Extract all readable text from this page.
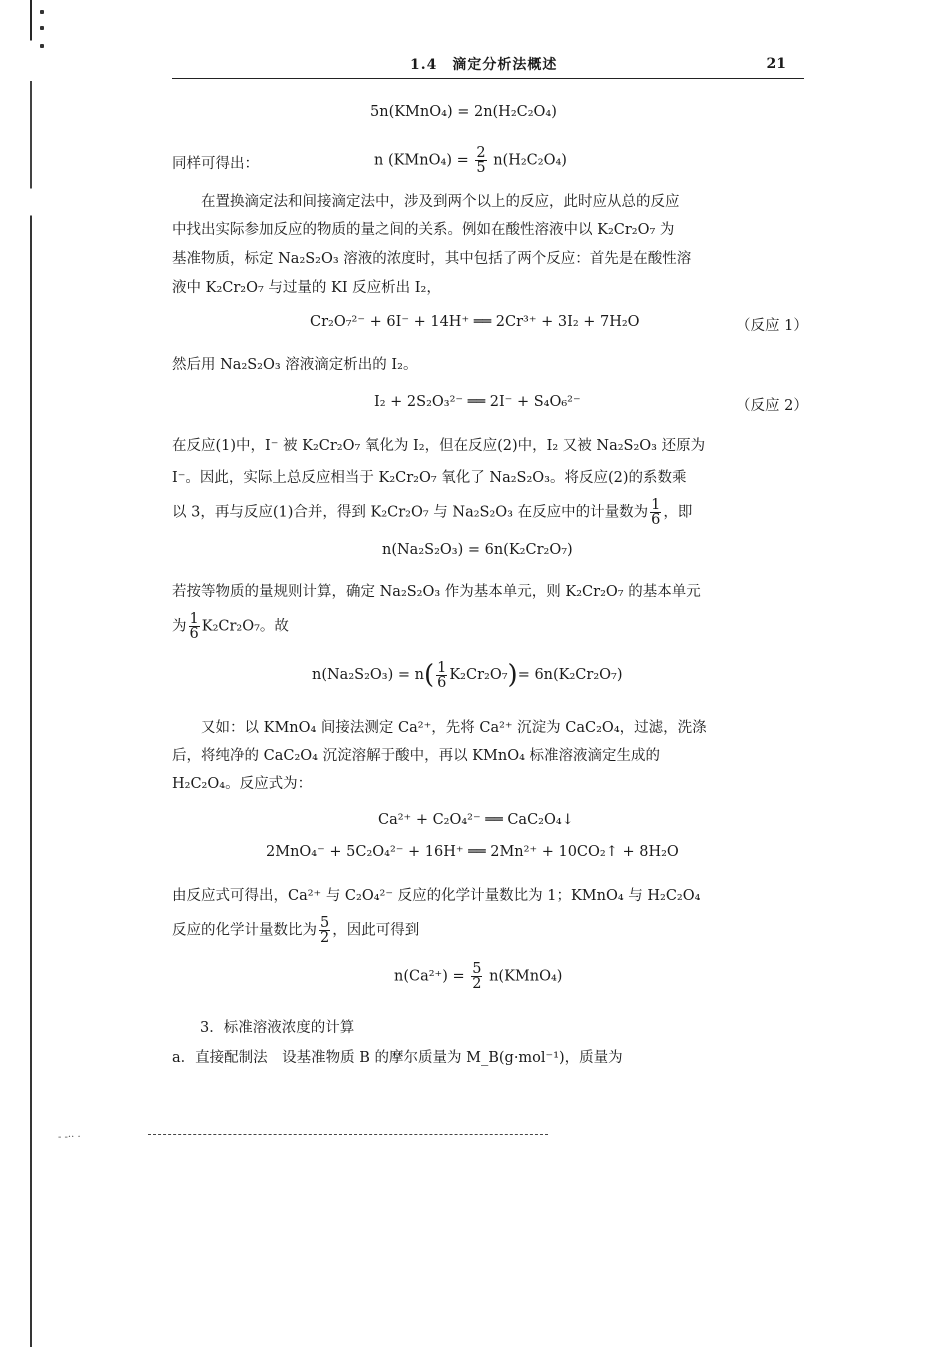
1.4　滴定分析法概述	21
5n(KMnO₄) = 2n(H₂C₂O₄)
同样可得出：	n (KMnO₄) = $\frac{2}{5} n(H_2C_2O_4)$
在置换滴定法和间接滴定法中，涉及到两个以上的反应，此时应从总的反应
中找出实际参加反应的物质的量之间的关系。例如在酸性溶液中以 K₂Cr₂O₇ 为
基准物质，标定 Na₂S₂O₃ 溶液的浓度时，其中包括了两个反应：首先是在酸性溶
液中 K₂Cr₂O₇ 与过量的 KI 反应析出 I₂，
Cr₂O₇²⁻ + 6I⁻ + 14H⁺ ══ 2Cr³⁺ + 3I₂ + 7H₂O	（反应 1）
然后用 Na₂S₂O₃ 溶液滴定析出的 I₂。
I₂ + 2S₂O₃²⁻ ══ 2I⁻ + S₄O₆²⁻	（反应 2）
在反应(1)中，I⁻ 被 K₂Cr₂O₇ 氧化为 I₂，但在反应(2)中，I₂ 又被 Na₂S₂O₃ 还原为
I⁻。因此，实际上总反应相当于 K₂Cr₂O₇ 氧化了 Na₂S₂O₃。将反应(2)的系数乘
以 3，再与反应(1)合并，得到 K₂Cr₂O₇ 与 Na₂S₂O₃ 在反应中的计量数为 $\frac{1}{6}$ ，即
n(Na₂S₂O₃) = 6n(K₂Cr₂O₇)
若按等物质的量规则计算，确定 Na₂S₂O₃ 作为基本单元，则 K₂Cr₂O₇ 的基本单元
为 $\frac{1}{6} K_2Cr_2O_7$。故
$n(Na_2S_2O_3) = n( \frac{1}{6} K_2Cr_2O_7)= 6n(K_2Cr_2O_7)$
又如：以 KMnO₄ 间接法测定 Ca²⁺，先将 Ca²⁺ 沉淀为 CaC₂O₄，过滤，洗涤
后，将纯净的 CaC₂O₄ 沉淀溶解于酸中，再以 KMnO₄ 标准溶液滴定生成的
H₂C₂O₄。反应式为：
Ca²⁺ + C₂O₄²⁻ ══ CaC₂O₄↓
2MnO₄⁻ + 5C₂O₄²⁻ + 16H⁺ ══ 2Mn²⁺ + 10CO₂↑ + 8H₂O
由反应式可得出，Ca²⁺ 与 C₂O₄²⁻ 反应的化学计量数比为 1；KMnO₄ 与 H₂C₂O₄
反应的化学计量数比为 $\frac{5}{2}$ ，因此可得到
$n(Ca^{2+}) = \frac{5}{2}$ n(KMnO₄)
3．标准溶液浓度的计算
a．直接配制法　设基准物质 B 的摩尔质量为 M_B(g·mol⁻¹)，质量为
- -·· ·
